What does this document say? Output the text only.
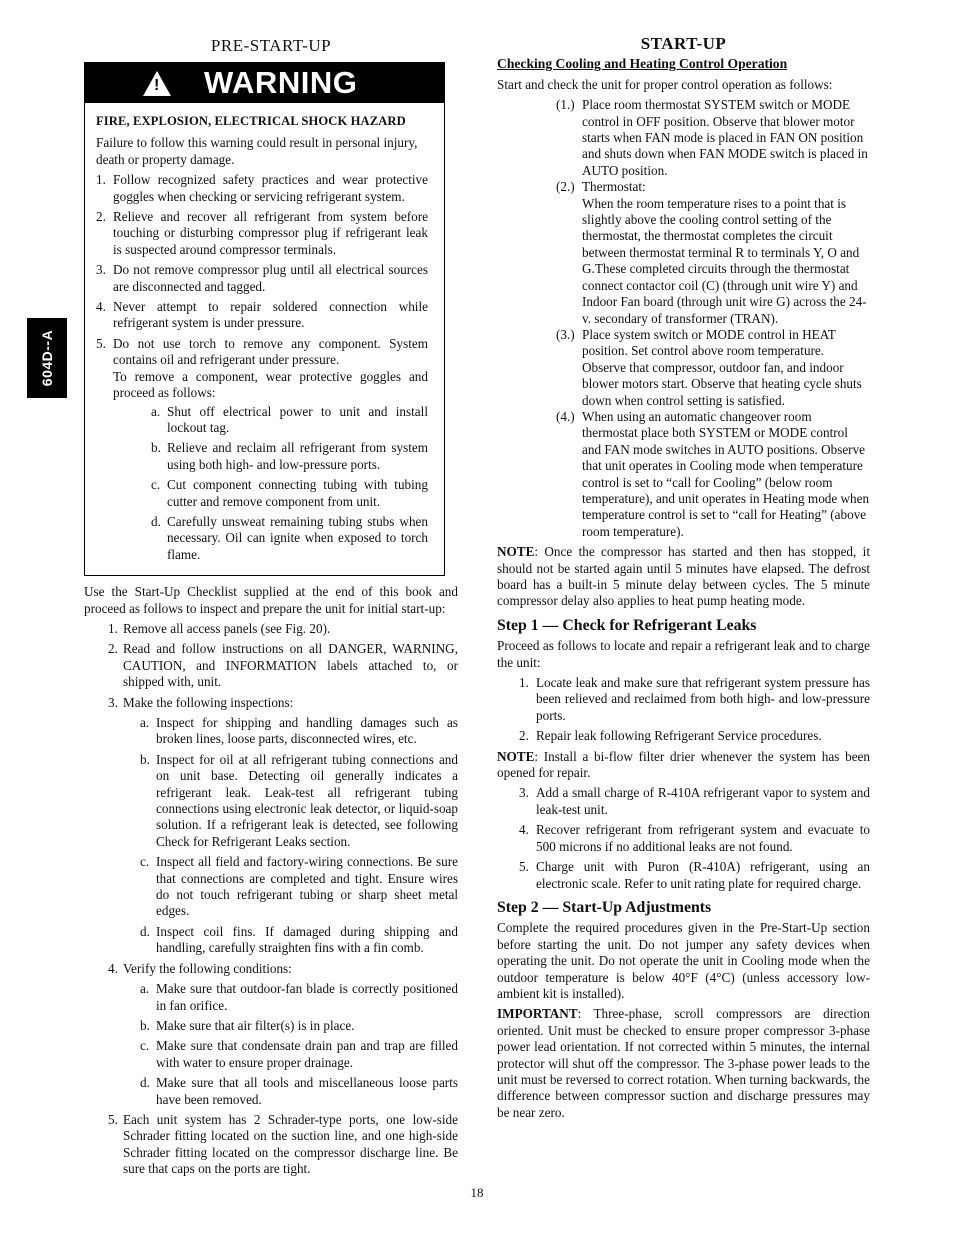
604D--A
PRE-START-UP
!
WARNING
FIRE, EXPLOSION, ELECTRICAL SHOCK HAZARD

Failure to follow this warning could result in personal injury, death or property damage.

1. Follow recognized safety practices and wear protective goggles when checking or servicing refrigerant system.
2. Relieve and recover all refrigerant from system before touching or disturbing compressor plug if refrigerant leak is suspected around compressor terminals.
3. Do not remove compressor plug until all electrical sources are disconnected and tagged.
4. Never attempt to repair soldered connection while refrigerant system is under pressure.
5. Do not use torch to remove any component. System contains oil and refrigerant under pressure.
To remove a component, wear protective goggles and proceed as follows:
a. Shut off electrical power to unit and install lockout tag.
b. Relieve and reclaim all refrigerant from system using both high- and low-pressure ports.
c. Cut component connecting tubing with tubing cutter and remove component from unit.
d. Carefully unsweat remaining tubing stubs when necessary. Oil can ignite when exposed to torch flame.

Use the Start-Up Checklist supplied at the end of this book and proceed as follows to inspect and prepare the unit for initial start-up:

1. Remove all access panels (see Fig. 20).
2. Read and follow instructions on all DANGER, WARNING, CAUTION, and INFORMATION labels attached to, or shipped with, unit.
3. Make the following inspections:
a. Inspect for shipping and handling damages such as broken lines, loose parts, disconnected wires, etc.
b. Inspect for oil at all refrigerant tubing connections and on unit base. Detecting oil generally indicates a refrigerant leak. Leak-test all refrigerant tubing connections using electronic leak detector, or liquid-soap solution. If a refrigerant leak is detected, see following Check for Refrigerant Leaks section.
c. Inspect all field and factory-wiring connections. Be sure that connections are completed and tight. Ensure wires do not touch refrigerant tubing or sharp sheet metal edges.
d. Inspect coil fins. If damaged during shipping and handling, carefully straighten fins with a fin comb.
4. Verify the following conditions:
a. Make sure that outdoor-fan blade is correctly positioned in fan orifice.
b. Make sure that air filter(s) is in place.
c. Make sure that condensate drain pan and trap are filled with water to ensure proper drainage.
d. Make sure that all tools and miscellaneous loose parts have been removed.
5. Each unit system has 2 Schrader-type ports, one low-side Schrader fitting located on the suction line, and one high-side Schrader fitting located on the compressor discharge line. Be sure that caps on the ports are tight.
START-UP
Checking Cooling and Heating Control Operation

Start and check the unit for proper control operation as follows:

(1.) Place room thermostat SYSTEM switch or MODE control in OFF position. Observe that blower motor starts when FAN mode is placed in FAN ON position and shuts down when FAN MODE switch is placed in AUTO position.
(2.) Thermostat:
When the room temperature rises to a point that is slightly above the cooling control setting of the thermostat, the thermostat completes the circuit between thermostat terminal R to terminals Y, O and G.These completed circuits through the thermostat connect contactor coil (C) (through unit wire Y) and Indoor Fan board (through unit wire G) across the 24-v. secondary of transformer (TRAN).
(3.) Place system switch or MODE control in HEAT position. Set control above room temperature. Observe that compressor, outdoor fan, and indoor blower motors start. Observe that heating cycle shuts down when control setting is satisfied.
(4.) When using an automatic changeover room thermostat place both SYSTEM or MODE control and FAN mode switches in AUTO positions. Observe that unit operates in Cooling mode when temperature control is set to “call for Cooling” (below room temperature), and unit operates in Heating mode when temperature control is set to “call for Heating” (above room temperature).

NOTE: Once the compressor has started and then has stopped, it should not be started again until 5 minutes have elapsed. The defrost board has a built-in 5 minute delay between cycles. The 5 minute compressor delay also applies to heat pump heating mode.

Step 1 — Check for Refrigerant Leaks

Proceed as follows to locate and repair a refrigerant leak and to charge the unit:

1. Locate leak and make sure that refrigerant system pressure has been relieved and reclaimed from both high- and low-pressure ports.
2. Repair leak following Refrigerant Service procedures.

NOTE: Install a bi-flow filter drier whenever the system has been opened for repair.

3. Add a small charge of R-410A refrigerant vapor to system and leak-test unit.
4. Recover refrigerant from refrigerant system and evacuate to 500 microns if no additional leaks are not found.
5. Charge unit with Puron (R-410A) refrigerant, using an electronic scale. Refer to unit rating plate for required charge.
Step 2 — Start-Up Adjustments

Complete the required procedures given in the Pre-Start-Up section before starting the unit. Do not jumper any safety devices when operating the unit. Do not operate the unit in Cooling mode when the outdoor temperature is below 40°F (4°C) (unless accessory low-ambient kit is installed).

IMPORTANT: Three-phase, scroll compressors are direction oriented. Unit must be checked to ensure proper compressor 3-phase power lead orientation. If not corrected within 5 minutes, the internal protector will shut off the compressor. The 3-phase power leads to the unit must be reversed to correct rotation. When turning backwards, the difference between compressor suction and discharge pressures may be near zero.

18
